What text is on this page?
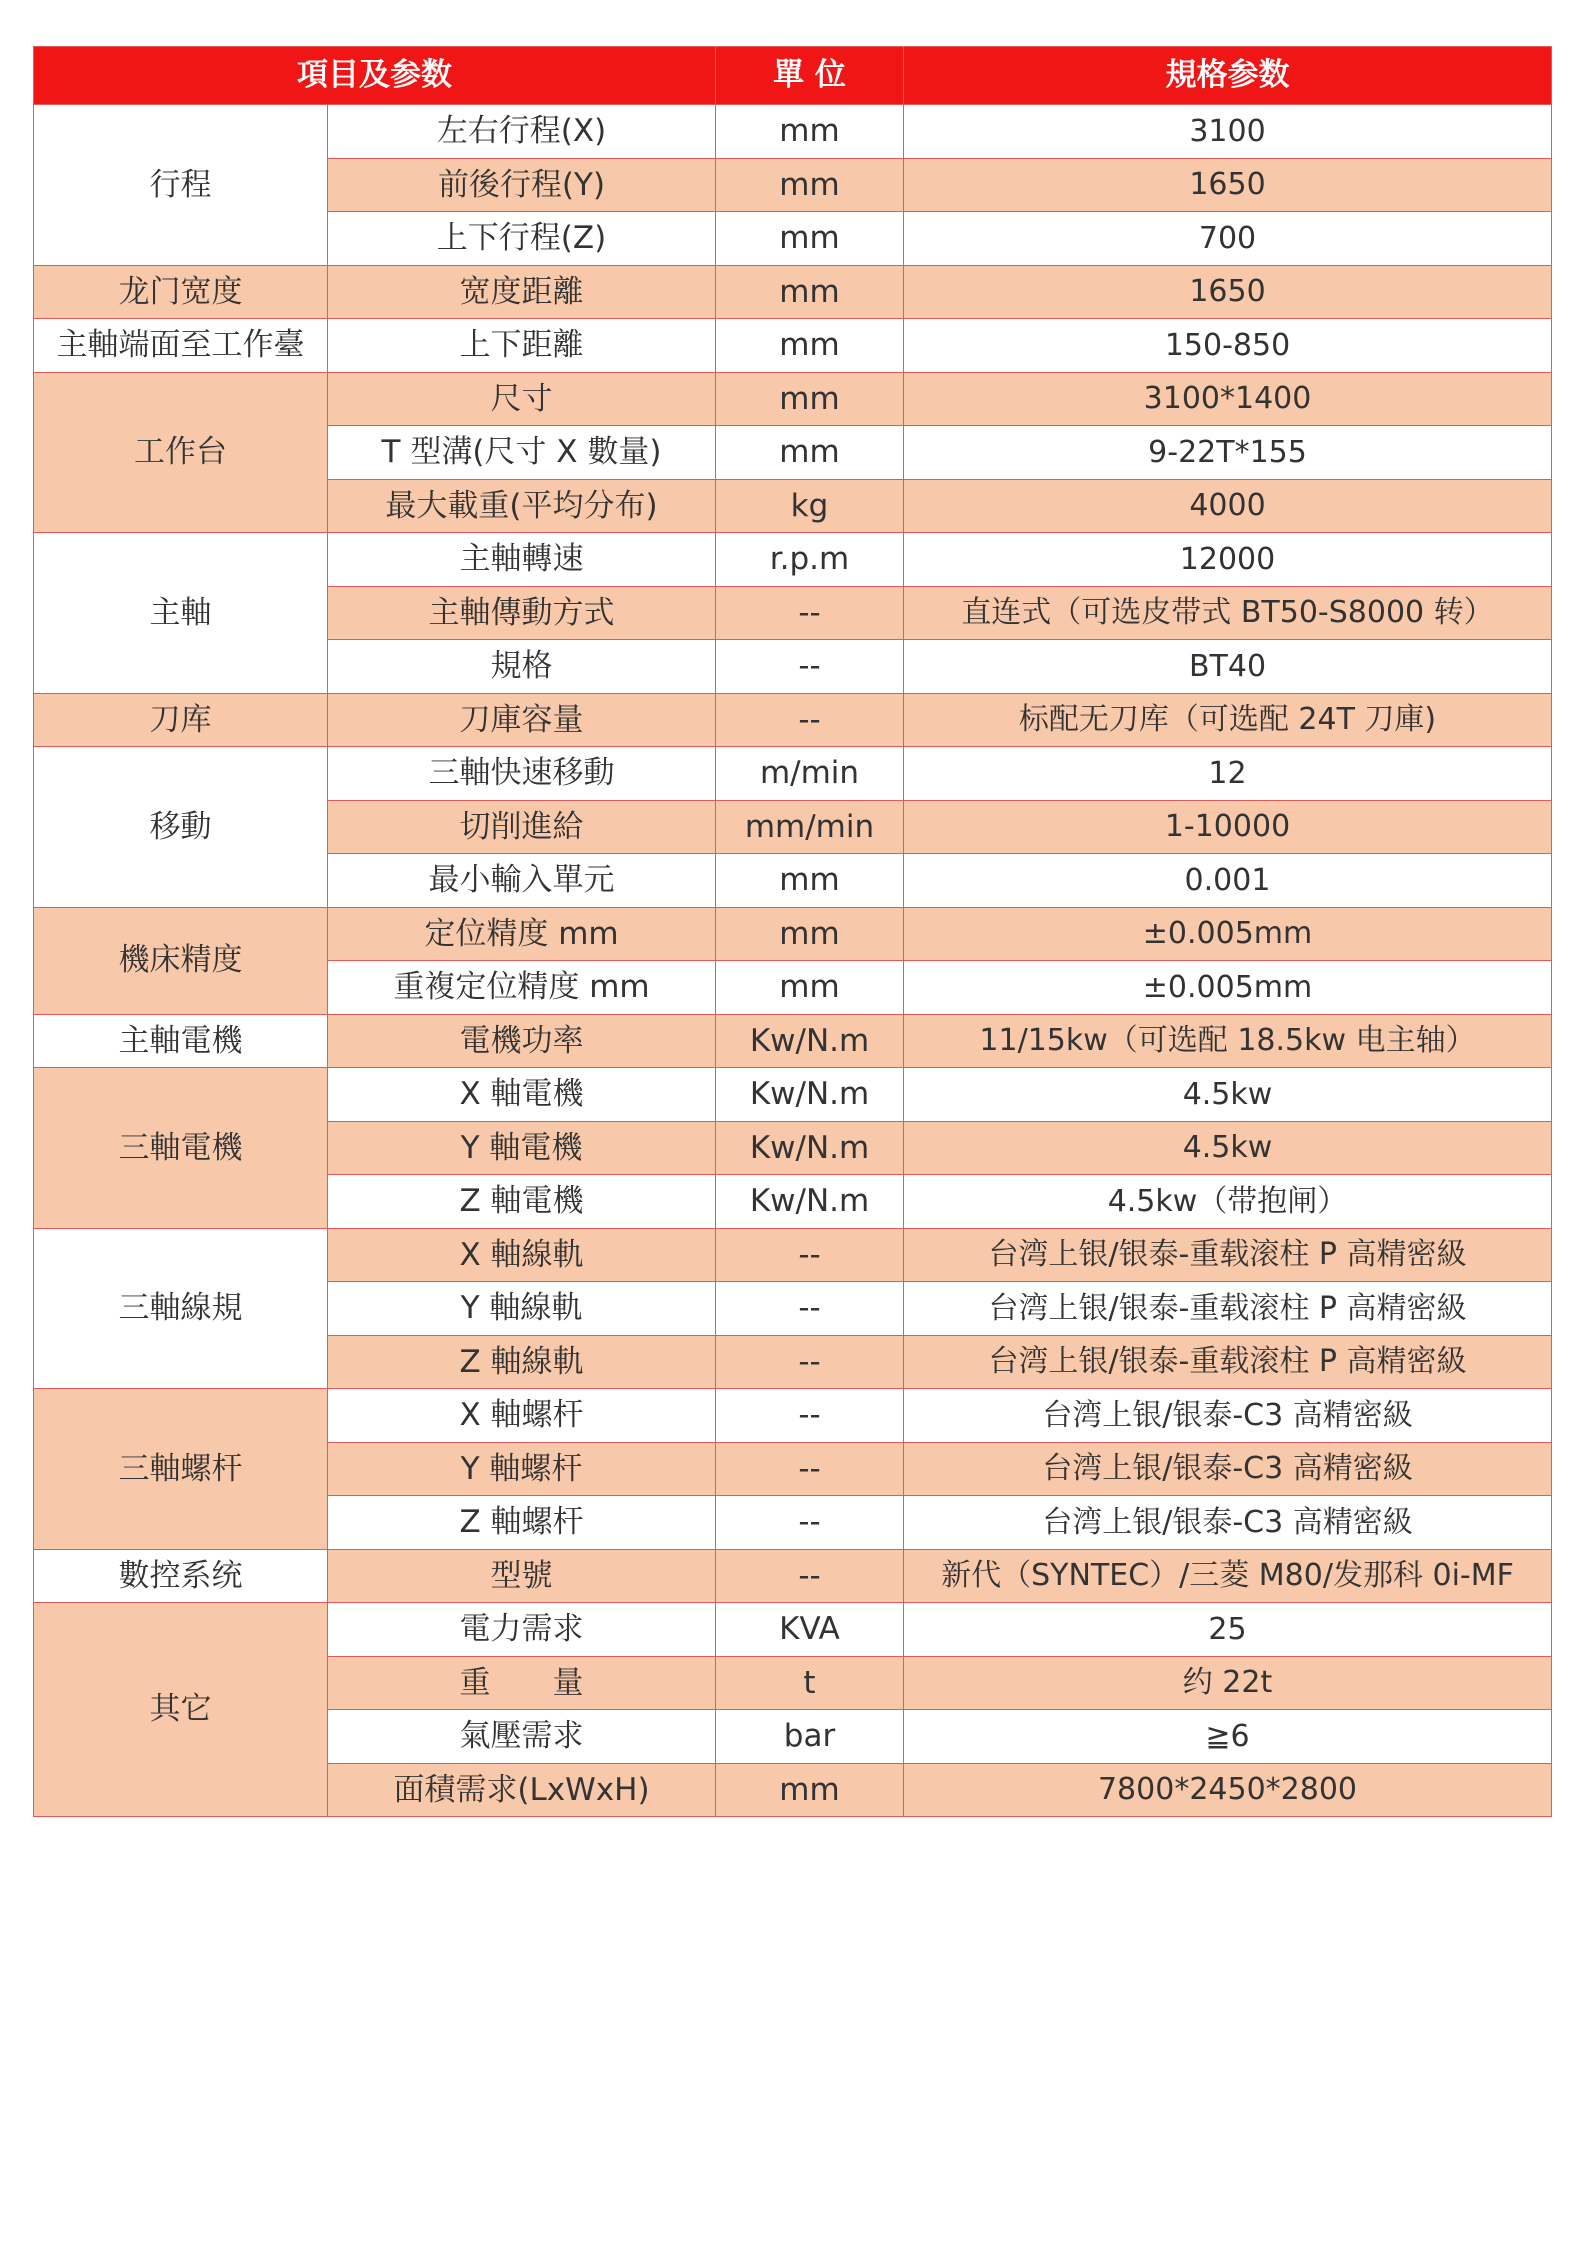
項目及参数		單 位	規格参数
行程	左右行程(X)	mm	3100
	前後行程(Y)	mm	1650
	上下行程(Z)	mm	700
龙门宽度	宽度距離	mm	1650
主軸端面至工作臺	上下距離	mm	150-850
工作台	尺寸	mm	3100*1400
	T 型溝(尺寸 X 數量)	mm	9-22T*155
	最大載重(平均分布)	kg	4000
主軸	主軸轉速	r.p.m	12000
	主軸傳動方式	--	直连式（可选皮带式 BT50-S8000 转）
	規格	--	BT40
刀库	刀庫容量	--	标配无刀库（可选配 24T 刀庫)
移動	三軸快速移動	m/min	12
	切削進給	mm/min	1-10000
	最小輸入單元	mm	0.001
機床精度	定位精度 mm	mm	±0.005mm
	重複定位精度 mm	mm	±0.005mm
主軸電機	電機功率	Kw/N.m	11/15kw（可选配 18.5kw 电主轴）
三軸電機	X 軸電機	Kw/N.m	4.5kw
	Y 軸電機	Kw/N.m	4.5kw
	Z 軸電機	Kw/N.m	4.5kw（带抱闸）
三軸線規	X 軸線軌	--	台湾上银/银泰-重载滚柱 P 高精密級
	Y 軸線軌	--	台湾上银/银泰-重载滚柱 P 高精密級
	Z 軸線軌	--	台湾上银/银泰-重载滚柱 P 高精密級
三軸螺杆	X 軸螺杆	--	台湾上银/银泰-C3 高精密級
	Y 軸螺杆	--	台湾上银/银泰-C3 高精密級
	Z 軸螺杆	--	台湾上银/银泰-C3 高精密級
數控系统	型號	--	新代（SYNTEC）/三菱 M80/发那科 0i-MF
其它	電力需求	KVA	25
	重　　量	t	约 22t
	氣壓需求	bar	≧6
	面積需求(LxWxH)	mm	7800*2450*2800
